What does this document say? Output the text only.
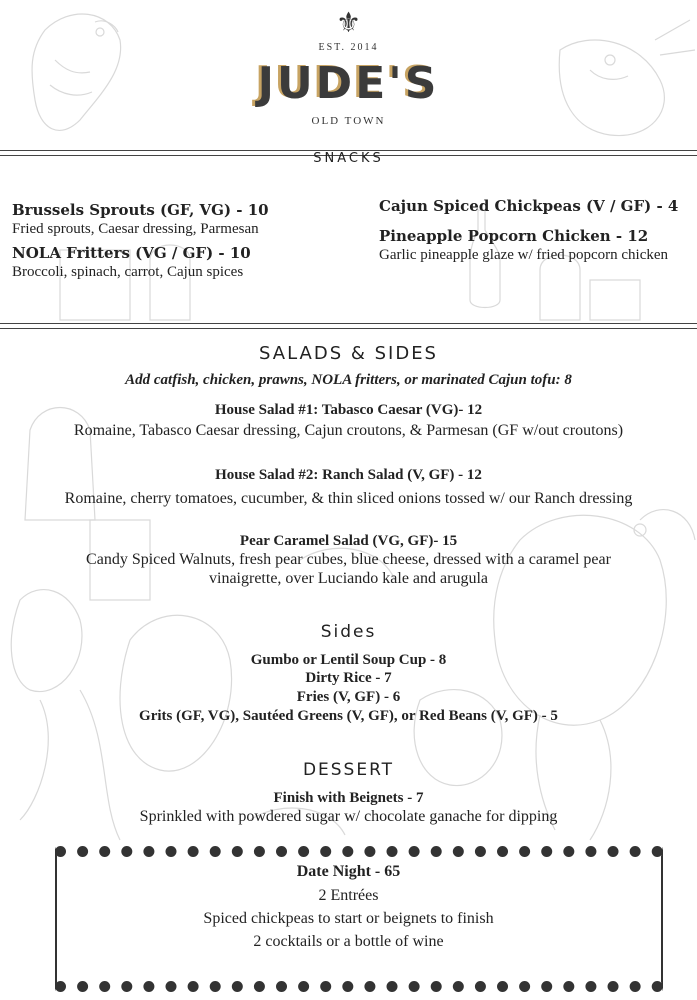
⚜
EST. 2014
JUDE'S
OLD TOWN
SNACKS
Brussels Sprouts (GF, VG) - 10
Fried sprouts, Caesar dressing, Parmesan
NOLA Fritters (VG / GF) - 10
Broccoli, spinach, carrot, Cajun spices
Cajun Spiced Chickpeas (V / GF) - 4
Pineapple Popcorn Chicken - 12
Garlic pineapple glaze w/ fried popcorn chicken
SALADS & SIDES
Add catfish, chicken, prawns, NOLA fritters, or marinated Cajun tofu: 8
House Salad #1: Tabasco Caesar (VG)- 12
Romaine, Tabasco Caesar dressing, Cajun croutons, & Parmesan (GF w/out croutons)
House Salad #2: Ranch Salad (V, GF) - 12
Romaine, cherry tomatoes, cucumber, & thin sliced onions tossed w/ our Ranch dressing
Pear Caramel Salad (VG, GF)- 15
Candy Spiced Walnuts, fresh pear cubes, blue cheese, dressed with a caramel pear vinaigrette, over Luciando kale and arugula
Sides
Gumbo or Lentil Soup Cup - 8
Dirty Rice - 7
Fries (V, GF) - 6
Grits (GF, VG), Sautéed Greens (V, GF), or Red Beans (V, GF) - 5
DESSERT
Finish with Beignets - 7
Sprinkled with powdered sugar w/ chocolate ganache for dipping
Date Night - 65
2 Entrées
Spiced chickpeas to start or beignets to finish
2 cocktails or a bottle of wine
